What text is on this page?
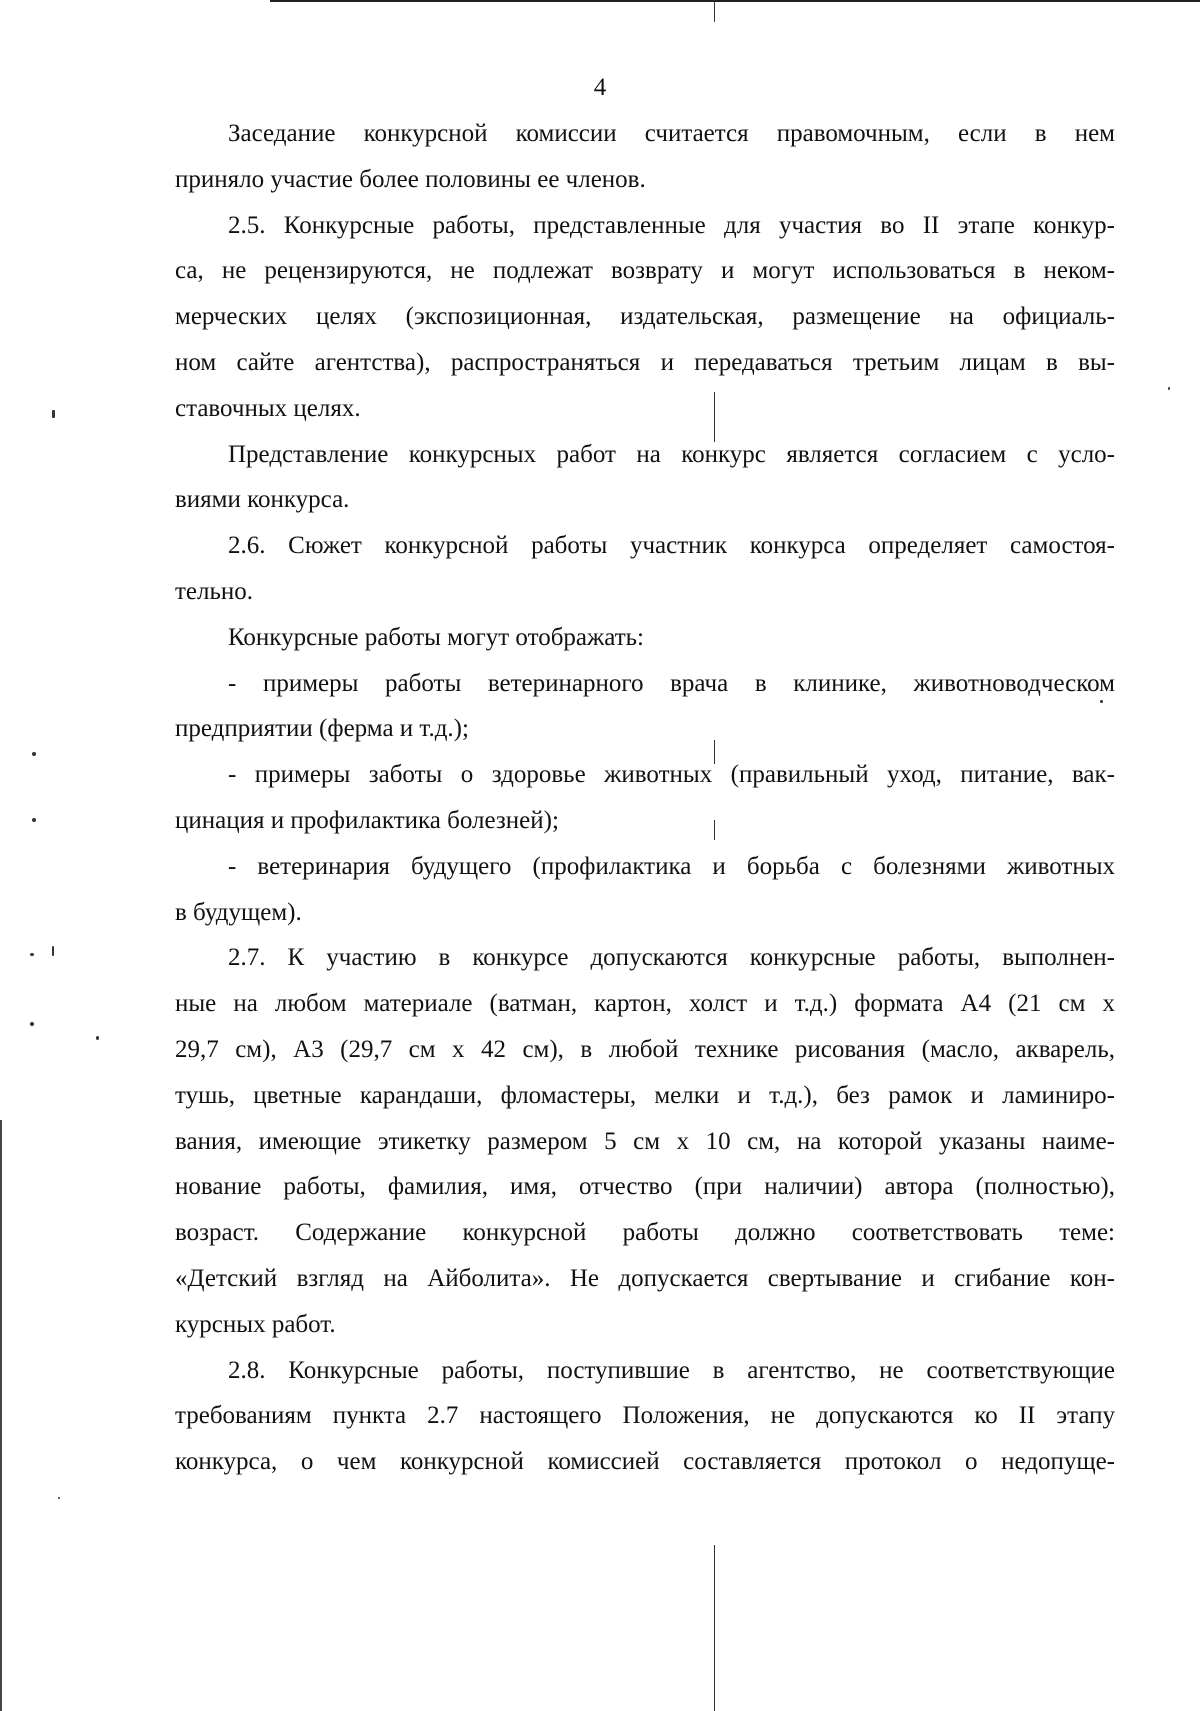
4
Заседание конкурсной комиссии считается правомочным, если в нем
приняло участие более половины ее членов.
2.5. Конкурсные работы, представленные для участия во II этапе конкур-
са, не рецензируются, не подлежат возврату и могут использоваться в неком-
мерческих целях (экспозиционная, издательская, размещение на официаль-
ном сайте агентства), распространяться и передаваться третьим лицам в вы-
ставочных целях.
Представление конкурсных работ на конкурс является согласием с усло-
виями конкурса.
2.6. Сюжет конкурсной работы участник конкурса определяет самостоя-
тельно.
Конкурсные работы могут отображать:
- примеры работы ветеринарного врача в клинике, животноводческом
предприятии (ферма и т.д.);
- примеры заботы о здоровье животных (правильный уход, питание, вак-
цинация и профилактика болезней);
- ветеринария будущего (профилактика и борьба с болезнями животных
в будущем).
2.7. К участию в конкурсе допускаются конкурсные работы, выполнен-
ные на любом материале (ватман, картон, холст и т.д.) формата А4 (21 см х
29,7 см), А3 (29,7 см х 42 см), в любой технике рисования (масло, акварель,
тушь, цветные карандаши, фломастеры, мелки и т.д.), без рамок и ламиниро-
вания, имеющие этикетку размером 5 см х 10 см, на которой указаны наиме-
нование работы, фамилия, имя, отчество (при наличии) автора (полностью),
возраст. Содержание конкурсной работы должно соответствовать теме:
«Детский взгляд на Айболита». Не допускается свертывание и сгибание кон-
курсных работ.
2.8. Конкурсные работы, поступившие в агентство, не соответствующие
требованиям пункта 2.7 настоящего Положения, не допускаются ко II этапу
конкурса, о чем конкурсной комиссией составляется протокол о недопуще-
